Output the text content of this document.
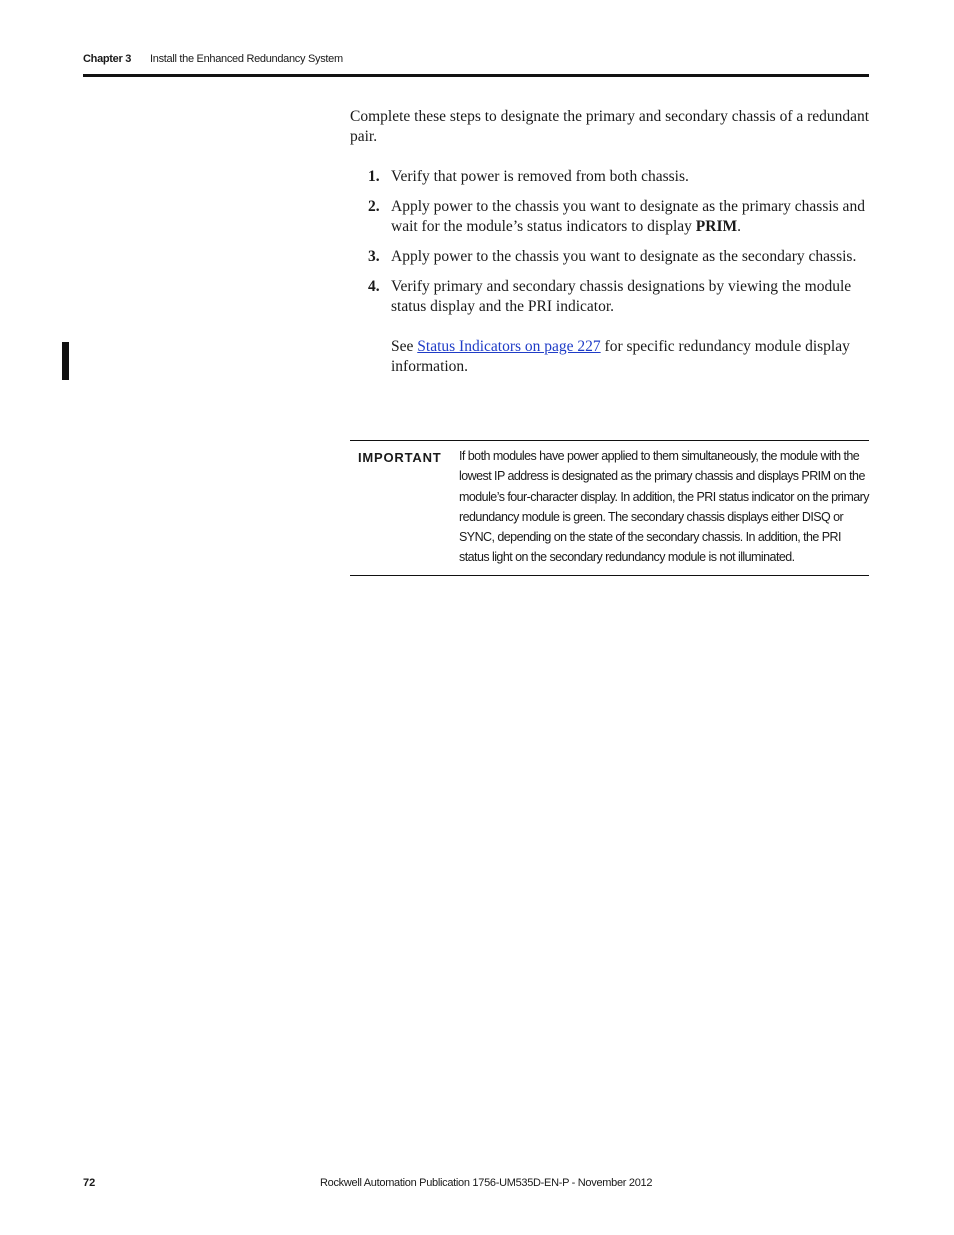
Chapter 3 Install the Enhanced Redundancy System

Complete these steps to designate the primary and secondary chassis of a redundant pair.

1. Verify that power is removed from both chassis.
2. Apply power to the chassis you want to designate as the primary chassis and wait for the module’s status indicators to display PRIM.
3. Apply power to the chassis you want to designate as the secondary chassis.
4. Verify primary and secondary chassis designations by viewing the module status display and the PRI indicator.

See Status Indicators on page 227 for specific redundancy module display information.

IMPORTANT If both modules have power applied to them simultaneously, the module with the lowest IP address is designated as the primary chassis and displays PRIM on the module’s four-character display. In addition, the PRI status indicator on the primary redundancy module is green. The secondary chassis displays either DISQ or SYNC, depending on the state of the secondary chassis. In addition, the PRI status light on the secondary redundancy module is not illuminated.
72	Rockwell Automation Publication 1756-UM535D-EN-P - November 2012
